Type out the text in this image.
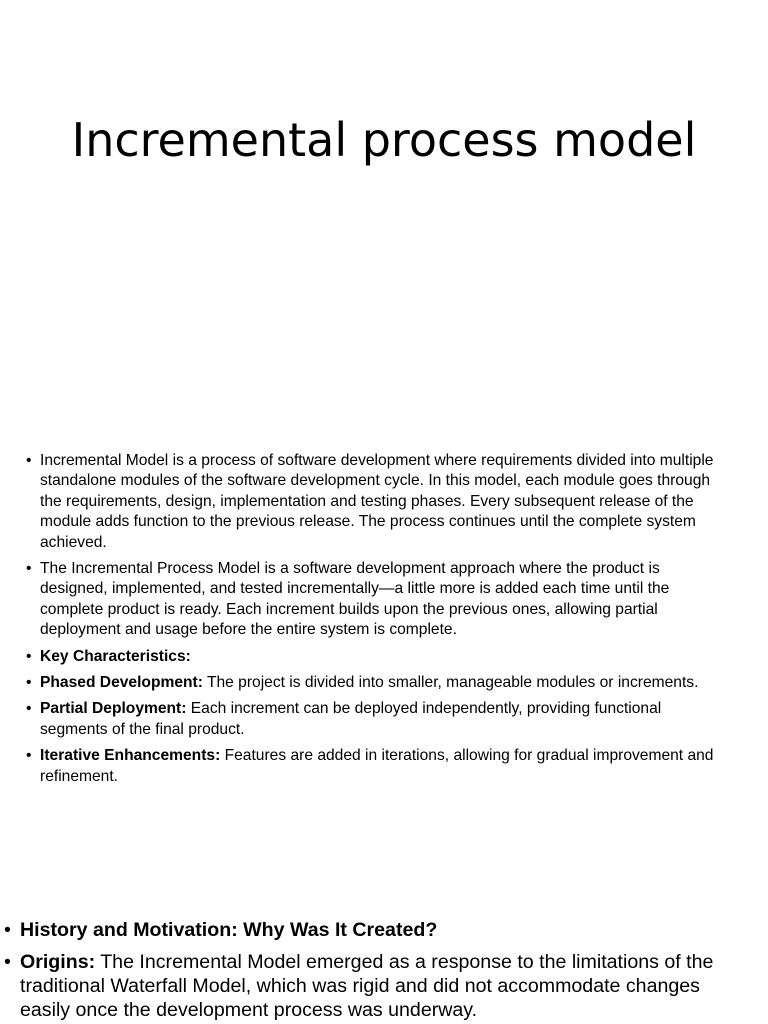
Incremental process model
• Incremental Model is a process of software development where requirements divided into multiple standalone modules of the software development cycle. In this model, each module goes through the requirements, design, implementation and testing phases. Every subsequent release of the module adds function to the previous release. The process continues until the complete system achieved.
• The Incremental Process Model is a software development approach where the product is designed, implemented, and tested incrementally—a little more is added each time until the complete product is ready. Each increment builds upon the previous ones, allowing partial deployment and usage before the entire system is complete.
• Key Characteristics:
• Phased Development: The project is divided into smaller, manageable modules or increments.
• Partial Deployment: Each increment can be deployed independently, providing functional segments of the final product.
• Iterative Enhancements: Features are added in iterations, allowing for gradual improvement and refinement.
• History and Motivation: Why Was It Created?
• Origins: The Incremental Model emerged as a response to the limitations of the traditional Waterfall Model, which was rigid and did not accommodate changes easily once the development process was underway.
